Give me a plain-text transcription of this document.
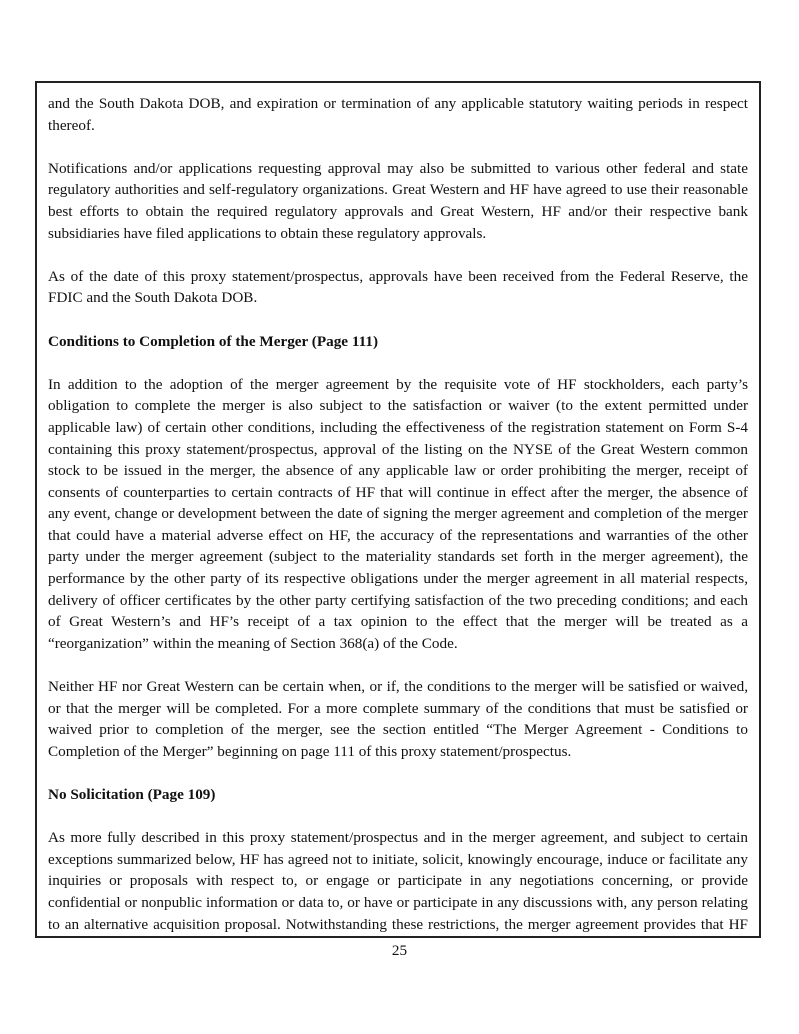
and the South Dakota DOB, and expiration or termination of any applicable statutory waiting periods in respect thereof.

Notifications and/or applications requesting approval may also be submitted to various other federal and state regulatory authorities and self-regulatory organizations. Great Western and HF have agreed to use their reasonable best efforts to obtain the required regulatory approvals and Great Western, HF and/or their respective bank subsidiaries have filed applications to obtain these regulatory approvals.

As of the date of this proxy statement/prospectus, approvals have been received from the Federal Reserve, the FDIC and the South Dakota DOB.

Conditions to Completion of the Merger (Page 111)

In addition to the adoption of the merger agreement by the requisite vote of HF stockholders, each party’s obligation to complete the merger is also subject to the satisfaction or waiver (to the extent permitted under applicable law) of certain other conditions, including the effectiveness of the registration statement on Form S-4 containing this proxy statement/prospectus, approval of the listing on the NYSE of the Great Western common stock to be issued in the merger, the absence of any applicable law or order prohibiting the merger, receipt of consents of counterparties to certain contracts of HF that will continue in effect after the merger, the absence of any event, change or development between the date of signing the merger agreement and completion of the merger that could have a material adverse effect on HF, the accuracy of the representations and warranties of the other party under the merger agreement (subject to the materiality standards set forth in the merger agreement), the performance by the other party of its respective obligations under the merger agreement in all material respects, delivery of officer certificates by the other party certifying satisfaction of the two preceding conditions; and each of Great Western’s and HF’s receipt of a tax opinion to the effect that the merger will be treated as a “reorganization” within the meaning of Section 368(a) of the Code.

Neither HF nor Great Western can be certain when, or if, the conditions to the merger will be satisfied or waived, or that the merger will be completed. For a more complete summary of the conditions that must be satisfied or waived prior to completion of the merger, see the section entitled “The Merger Agreement - Conditions to Completion of the Merger” beginning on page 111 of this proxy statement/prospectus.

No Solicitation (Page 109)

As more fully described in this proxy statement/prospectus and in the merger agreement, and subject to certain exceptions summarized below, HF has agreed not to initiate, solicit, knowingly encourage, induce or facilitate any inquiries or proposals with respect to, or engage or participate in any negotiations concerning, or provide confidential or nonpublic information or data to, or have or participate in any discussions with, any person relating to an alternative acquisition proposal. Notwithstanding these restrictions, the merger agreement provides that HF

25
